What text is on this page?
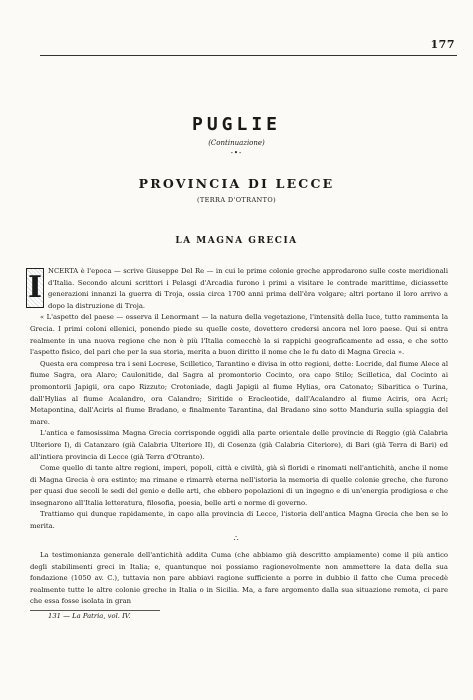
177
PUGLIE
(Continuazione)
-•-
PROVINCIA DI LECCE
(TERRA D'OTRANTO)
LA MAGNA GRECIA

I NCERTA è l'epoca — scrive Giuseppe Del Re — in cui le prime colonie greche approdarono sulle coste meridionali d'Italia. Secondo alcuni scrittori i Pelasgi d'Arcadia furono i primi a visitare le contrade marittime, diciassette generazioni innanzi la guerra di Troja, ossia circa 1700 anni prima dell'êra volgare; altri portano il loro arrivo a dopo la distruzione di Troja.

« L'aspetto del paese — osserva il Lenormant — la natura della vegetazione, l'intensità della luce, tutto rammenta la Grecia. I primi coloni ellenici, ponendo piede su quelle coste, dovettero credersi ancora nel loro paese. Qui si entra realmente in una nuova regione che non è più l'Italia comecchè la si rappichi geograficamente ad essa, e che sotto l'aspetto fisico, del pari che per la sua storia, merita a buon diritto il nome che le fu dato di Magna Grecia ».

Questa era compresa tra i seni Locrese, Scilletico, Tarantino e divisa in otto regioni, dette: Locride, dal fiume Alece al fiume Sagra, ora Alaro; Caulonitide, dal Sagra al promontorio Cocinto, ora capo Stilo; Scilletica, dal Cocinto ai promontorii Japigii, ora capo Rizzuto; Crotoniade, dagli Japigii al fiume Hylias, ora Catonato; Sibaritica o Turina, dall'Hylias al fiume Acalandro, ora Calandro; Siritide o Eracleotide, dall'Acalandro al fiume Aciris, ora Acri; Metapontina, dall'Aciris al fiume Bradano, e finalmente Tarantina, dal Bradano sino sotto Manduria sulla spiaggia del mare.

L'antica e famosissima Magna Grecia corrisponde oggidì alla parte orientale delle provincie di Reggio (già Calabria Ulteriore I), di Catanzaro (già Calabria Ulteriore II), di Cosenza (già Calabria Citeriore), di Bari (già Terra di Bari) ed all'intiera provincia di Lecce (già Terra d'Otranto).

Come quello di tante altre regioni, imperi, popoli, città e civiltà, già sì floridi e rinomati nell'antichità, anche il nome di Magna Grecia è ora estinto; ma rimane e rimarrà eterna nell'istoria la memoria di quelle colonie greche, che furono per quasi due secoli le sedi del genio e delle arti, che ebbero popolazioni di un ingegno e di un'energia prodigiosa e che insegnarono all'Italia letteratura, filosofia, poesia, belle arti e norme di governo.

Trattiamo qui dunque rapidamente, in capo alla provincia di Lecce, l'istoria dell'antica Magna Grecia che ben se lo merita.

∴

La testimonianza generale dell'antichità addita Cuma (che abbiamo già descritto ampiamente) come il più antico degli stabilimenti greci in Italia; e, quantunque noi possiamo ragionevolmente non ammettere la data della sua fondazione (1050 av. C.), tuttavia non pare abbiavi ragione sufficiente a porre in dubbio il fatto che Cuma precedè realmente tutte le altre colonie greche in Italia o in Sicilia. Ma, a fare argomento dalla sua situazione remota, ci pare che essa fosse isolata in gran

131 — La Patria, vol. IV.
